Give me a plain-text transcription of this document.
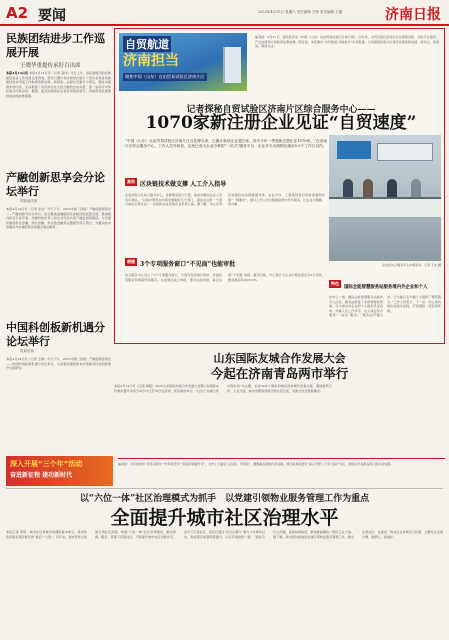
A2 要闻	2023年4月15日 星期六 责任编辑 王帅 美术编辑 王娜	济南日报
民族团结进步工作巡展开展
王晓华重提传承好百出席
本报4月14日讯 本报4月14日讯（记者 高伟）今日上午，省民委组织的民族团结进步工作巡展走进济南，展览以图片和实物形式展示了近年来我省民族团结进步创建工作取得的新成效、新经验。巡展共设置多个展区，通过丰富翔实的内容，生动展现了各民族交往交流交融的生动实践，进一步铸牢中华民族共同体意识。据悉，此次巡展将在全省各市陆续展开，持续营造民族团结进步的浓厚氛围。
产融创新思享会分论坛举行
郑锦瀚出席
本报4月14日讯（记者 李文）今天下午，2023中国（济南）产融创新思享会——产融创新分论坛举行。论坛聚焦金融赋能实体经济高质量发展，邀请国内知名专家学者、金融机构负责人和企业代表共话产融发展新路径。与会嘉宾围绕科技金融、绿色金融、供应链金融等议题展开深入研讨，为推动我市金融业与实体经济深度融合建言献策。
中国科创板新机遇分论坛举行
陈斌出席
本报4月14日讯（记者 王帅）今天下午，2023中国（济南）产融创新思享会——中国科创板新机遇分论坛举行，与会嘉宾围绕资本市场服务科技创新展开交流研讨。
自贸航道
济南担当
聚焦中国（山东）自由贸易试验区济南片区
编者按：4月21日，国务院印发《中国（山东）自由贸易试验区总体方案》，四年来，自贸试验区济南片区在制度创新、功能平台建设、产业发展等方面取得显著成效。即日起，本报推出“自贸航道 济南担当”系列报道，全景展现济南片区建设发展的新成绩、新亮点、新面貌，敬请关注。
记者探秘自贸试验区济南片区综合服务中心——
1070家新注册企业见证“自贸速度”
“中国（山东）自由贸易试验区济南片区自挂牌以来，已累计新设企业超万家，其中今年一季度新注册企业1070家。”在济南片区综合服务中心，工作人员介绍说，这里已成为企业办事的“一站式”服务平台，企业开办全流程压缩至0.5个工作日以内。
企业在综合服务中心办理业务。记者 王杰 摄
高效 区块链技术做支撑 人工介入指导
走进济南片区综合服务中心，宽敞明亮的大厅里，前来办事的企业人员有序排队。“以前办理营业执照需要跑好几个部门，现在在这里一个窗口就能全部办完。”一位刚办完业务的企业负责人说。据了解，中心运用区块链技术实现数据共享，企业开办、工程建设项目审批等事项实现“一网通办”，窗口工作人员全程提供帮办代办服务，让企业少跑腿、好办事。
便捷 3个专项服务窗口“不见面”也能审批
综合服务中心设立了3个专项服务窗口，分别为投资项目审批、外商投资服务和国际贸易服务。企业通过线上申报，即可完成审批，真正实现“不见面”审批。截至目前，中心累计为企业办理各类业务3万余件，群众满意率达99.9%。
特色国际全能智慧服务站服务境内外企业和个人
在中心一楼，国际全能智慧服务站格外引人注目。服务站配备了多语种智能终端，可为境内外企业和个人提供签证咨询、外籍人员工作许可、出入境证件办理等“一站式”服务。“服务站开通以来，已为数百名外籍人士提供了便利服务。”工作人员表示，下一步，中心将持续优化服务流程，打造国际一流营商环境。
山东国际友城合作发展大会
今起在济南青岛两市举行
本报4月14日讯（记者 韩超）2023山东国际友城合作发展大会暨山东国际友好城市嘉年华将于4月15日至16日在济南、青岛两市举行。大会以“友城合作 共创未来”为主题，来自30多个国家和地区的友城代表将出席，围绕经贸合作、人文交流、城市治理等领域开展对话交流，共谋合作发展新篇章。
深入开展“三个年”活动
奋进新征程 建功新时代
编者按：今年是我市“攻坚突破年”“作风建设年”“营商环境提升年”，全市上下锚定“走在前、开新局”，聚焦重点领域攻坚突破。即日起本报推出“深入开展‘三个年’活动”专栏，展现全市各级各部门的生动实践。
以“六位一体”社区治理模式为抓手　以党建引领物业服务管理工作为重点
全面提升城市社区治理水平
本报记者 李明　城市社区是城市治理的基本单元，是党和政府联系服务群众的“最后一公里”。近年来，我市坚持以党建引领社区治理，构建“六位一体”社区治理模式，推动资源、服务、管理下沉到社区，不断提升城市社区治理水平。在历下区某社区，居民们通过“社区议事厅”参与公共事务讨论，物业服务质量明显提升，小区环境焕然一新。“现在有什么问题，直接找网格员，很快就能解决。”居民王女士说。据了解，我市将持续推进党建引领物业服务管理工作，健全完善社区、业委会、物业企业协调运行机制，让群众生活更方便、更舒心、更美好。
